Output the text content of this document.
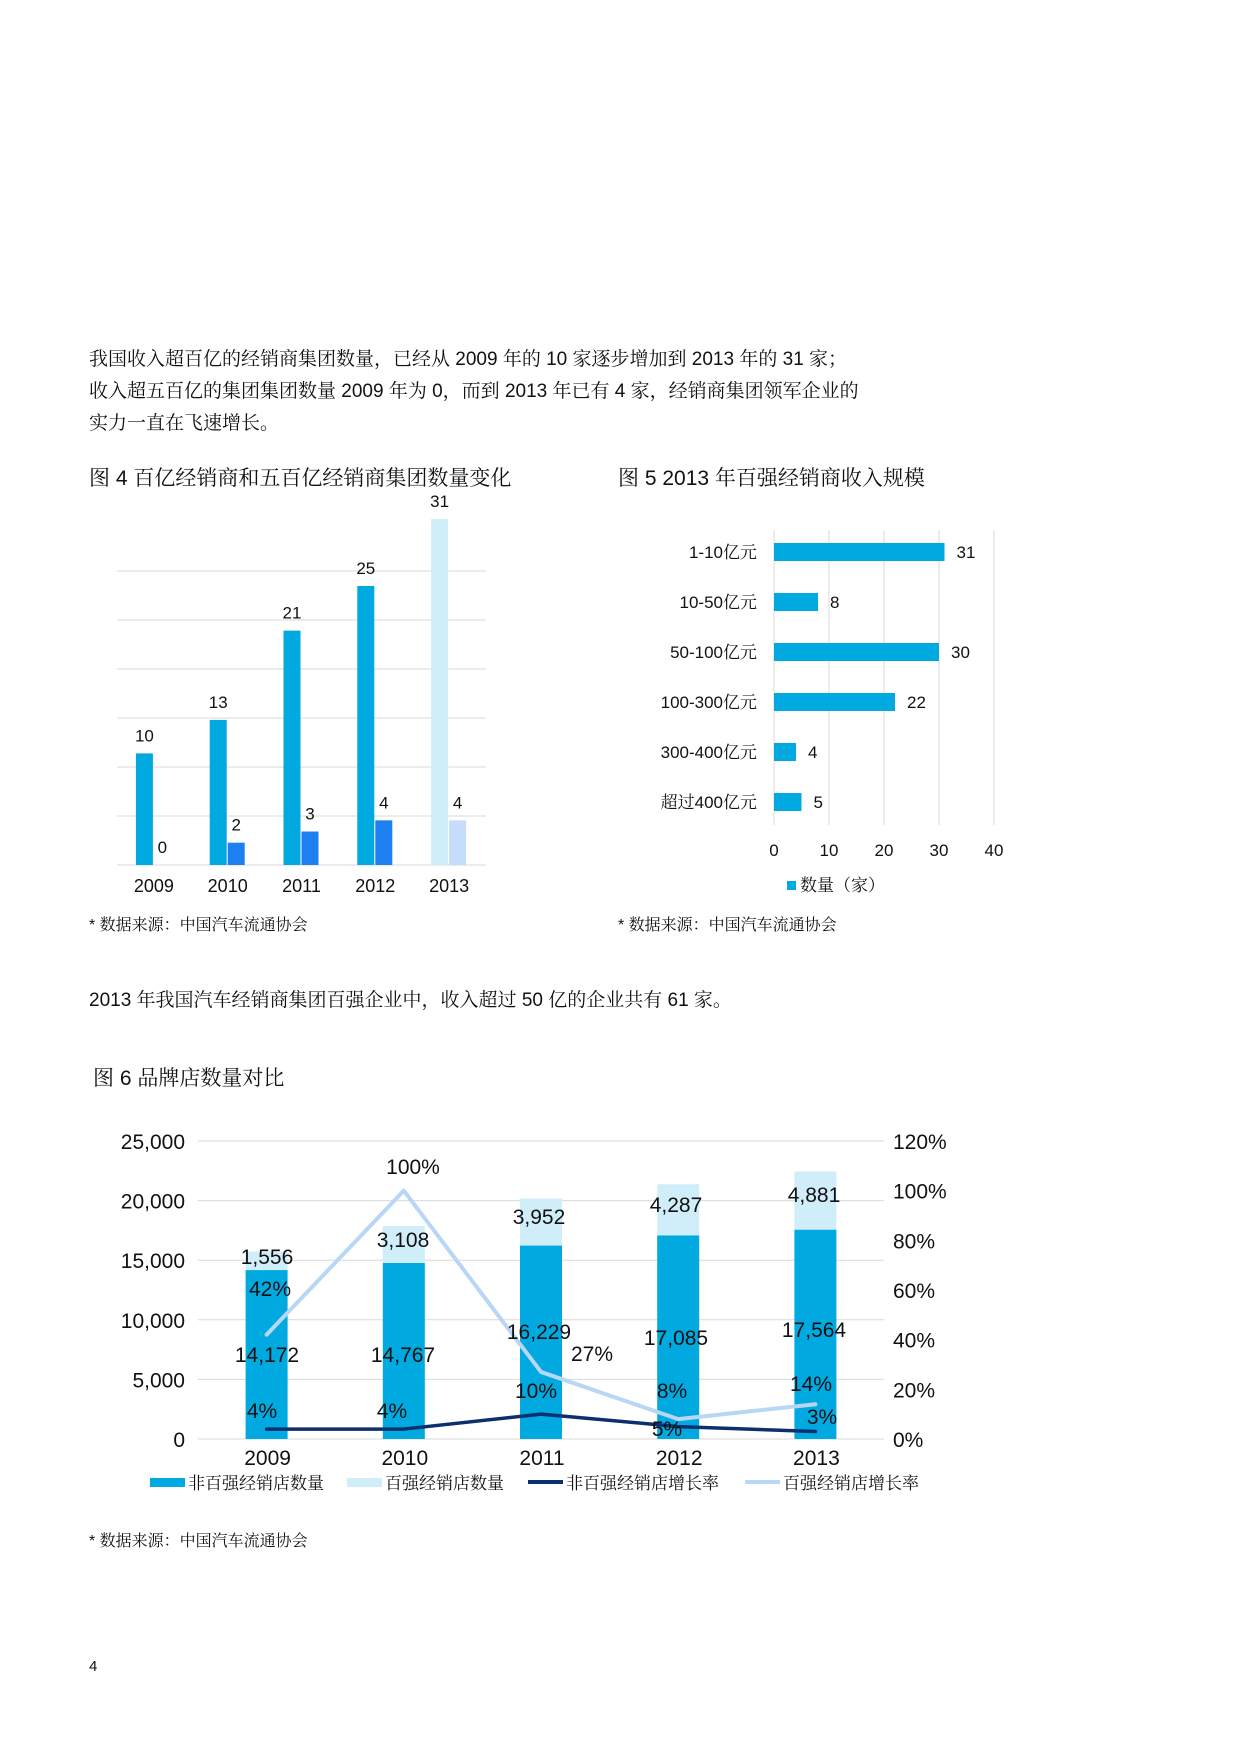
我国收入超百亿的经销商集团数量，已经从 2009 年的 10 家逐步增加到 2013 年的 31 家；

收入超五百亿的集团集团数量 2009 年为 0，而到 2013 年已有 4 家，经销商集团领军企业的

实力一直在飞速增长。

图 4 百亿经销商和五百亿经销商集团数量变化	图 5 2013 年百强经销商收入规模
10
0
2009
13
2
2010
21
3
2011
25
4
2012
31
4
2013
0 10 20 30 40
31
1-10亿元
8
10-50亿元
30
50-100亿元
22
100-300亿元
4
300-400亿元
5
超过400亿元
数量（家）
0
5,000
10,000
15,000
20,000
25,000
0%
20%
40%
60%
80%
100%
120%
2009	2010	2011	2012	2013
14,172	14,767
16,229	17,085	17,564
1,556
3,108
3,952
4,287	4,881
4%	4%
10%
5%
3%
42%
100%
27%
8%	14%
非百强经销店数量	百强经销店数量	非百强经销店增长率	百强经销店增长率
* 数据来源：中国汽车流通协会	* 数据来源：中国汽车流通协会

2013 年我国汽车经销商集团百强企业中，收入超过 50 亿的企业共有 61 家。

图 6 品牌店数量对比
* 数据来源：中国汽车流通协会
4
